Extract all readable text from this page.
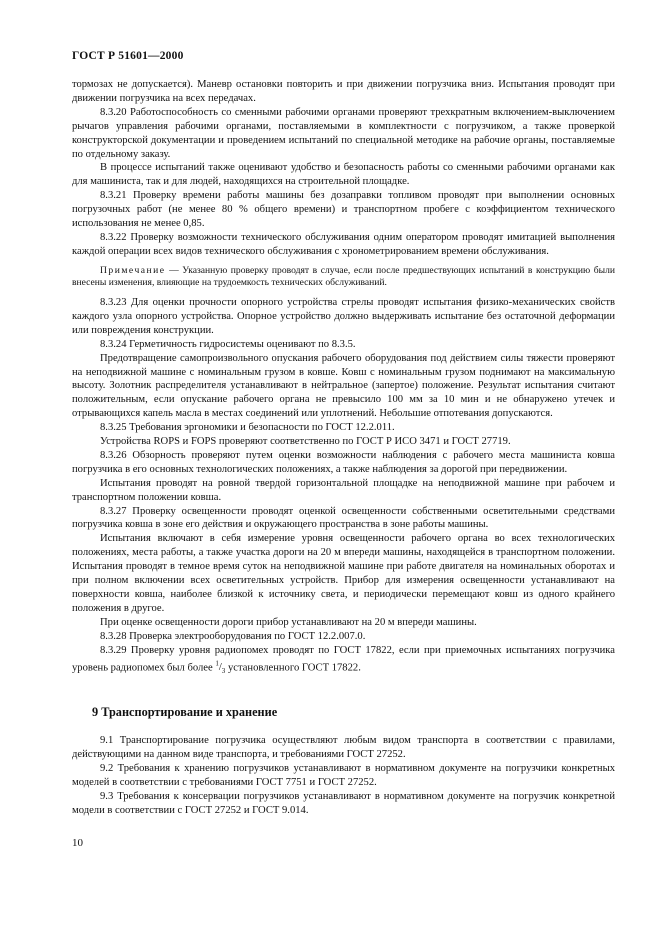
ГОСТ Р 51601—2000

тормозах не допускается). Маневр остановки повторить и при движении погрузчика вниз. Испытания проводят при движении погрузчика на всех передачах.

8.3.20 Работоспособность со сменными рабочими органами проверяют трехкратным включением-выключением рычагов управления рабочими органами, поставляемыми в комплектности с погрузчиком, а также проверкой конструкторской документации и проведением испытаний по специальной методике на рабочие органы, поставляемые по отдельному заказу.

В процессе испытаний также оценивают удобство и безопасность работы со сменными рабочими органами как для машиниста, так и для людей, находящихся на строительной площадке.

8.3.21 Проверку времени работы машины без дозаправки топливом проводят при выполнении основных погрузочных работ (не менее 80 % общего времени) и транспортном пробеге с коэффициентом технического использования не менее 0,85.

8.3.22 Проверку возможности технического обслуживания одним оператором проводят имитацией выполнения каждой операции всех видов технического обслуживания с хронометрированием времени обслуживания.

Примечание — Указанную проверку проводят в случае, если после предшествующих испытаний в конструкцию были внесены изменения, влияющие на трудоемкость технических обслуживаний.

8.3.23 Для оценки прочности опорного устройства стрелы проводят испытания физико-механических свойств каждого узла опорного устройства. Опорное устройство должно выдерживать испытание без остаточной деформации или повреждения конструкции.

8.3.24 Герметичность гидросистемы оценивают по 8.3.5.

Предотвращение самопроизвольного опускания рабочего оборудования под действием силы тяжести проверяют на неподвижной машине с номинальным грузом в ковше. Ковш с номинальным грузом поднимают на максимальную высоту. Золотник распределителя устанавливают в нейтральное (запертое) положение. Результат испытания считают положительным, если опускание рабочего органа не превысило 100 мм за 10 мин и не обнаружено утечек и отрывающихся капель масла в местах соединений или уплотнений. Небольшие отпотевания допускаются.

8.3.25 Требования эргономики и безопасности по ГОСТ 12.2.011.

Устройства ROPS и FOPS проверяют соответственно по ГОСТ Р ИСО 3471 и ГОСТ 27719.

8.3.26 Обзорность проверяют путем оценки возможности наблюдения с рабочего места машиниста ковша погрузчика в его основных технологических положениях, а также наблюдения за дорогой при передвижении.

Испытания проводят на ровной твердой горизонтальной площадке на неподвижной машине при рабочем и транспортном положении ковша.

8.3.27 Проверку освещенности проводят оценкой освещенности собственными осветительными средствами погрузчика ковша в зоне его действия и окружающего пространства в зоне работы машины.

Испытания включают в себя измерение уровня освещенности рабочего органа во всех технологических положениях, места работы, а также участка дороги на 20 м впереди машины, находящейся в транспортном положении. Испытания проводят в темное время суток на неподвижной машине при работе двигателя на номинальных оборотах и при полном включении всех осветительных устройств. Прибор для измерения освещенности устанавливают на поверхности ковша, наиболее близкой к источнику света, и периодически перемещают ковш из одного крайнего положения в другое.

При оценке освещенности дороги прибор устанавливают на 20 м впереди машины.

8.3.28 Проверка электрооборудования по ГОСТ 12.2.007.0.

8.3.29 Проверку уровня радиопомех проводят по ГОСТ 17822, если при приемочных испытаниях погрузчика уровень радиопомех был более $^1/_3$ установленного ГОСТ 17822.

9 Транспортирование и хранение

9.1 Транспортирование погрузчика осуществляют любым видом транспорта в соответствии с правилами, действующими на данном виде транспорта, и требованиями ГОСТ 27252.

9.2 Требования к хранению погрузчиков устанавливают в нормативном документе на погрузчики конкретных моделей в соответствии с требованиями ГОСТ 7751 и ГОСТ 27252.

9.3 Требования к консервации погрузчиков устанавливают в нормативном документе на погрузчик конкретной модели в соответствии с ГОСТ 27252 и ГОСТ 9.014.

10
